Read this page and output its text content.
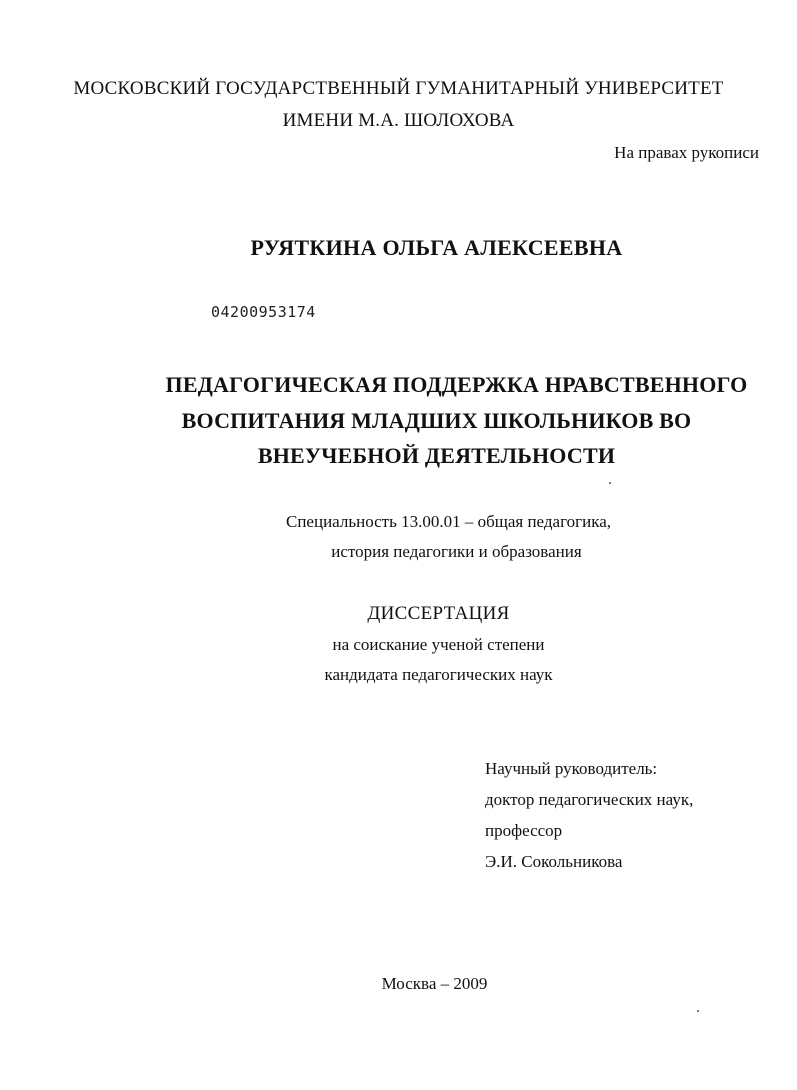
МОСКОВСКИЙ ГОСУДАРСТВЕННЫЙ ГУМАНИТАРНЫЙ УНИВЕРСИТЕТ
ИМЕНИ М.А. ШОЛОХОВА
На правах рукописи
РУЯТКИНА ОЛЬГА АЛЕКСЕЕВНА
04200953174
ПЕДАГОГИЧЕСКАЯ ПОДДЕРЖКА НРАВСТВЕННОГО
ВОСПИТАНИЯ МЛАДШИХ ШКОЛЬНИКОВ ВО
ВНЕУЧЕБНОЙ ДЕЯТЕЛЬНОСТИ
Специальность 13.00.01 – общая педагогика,
история педагогики и образования
ДИССЕРТАЦИЯ
на соискание ученой степени
кандидата педагогических наук
Научный руководитель:
доктор педагогических наук,
профессор
Э.И. Сокольникова
Москва – 2009
